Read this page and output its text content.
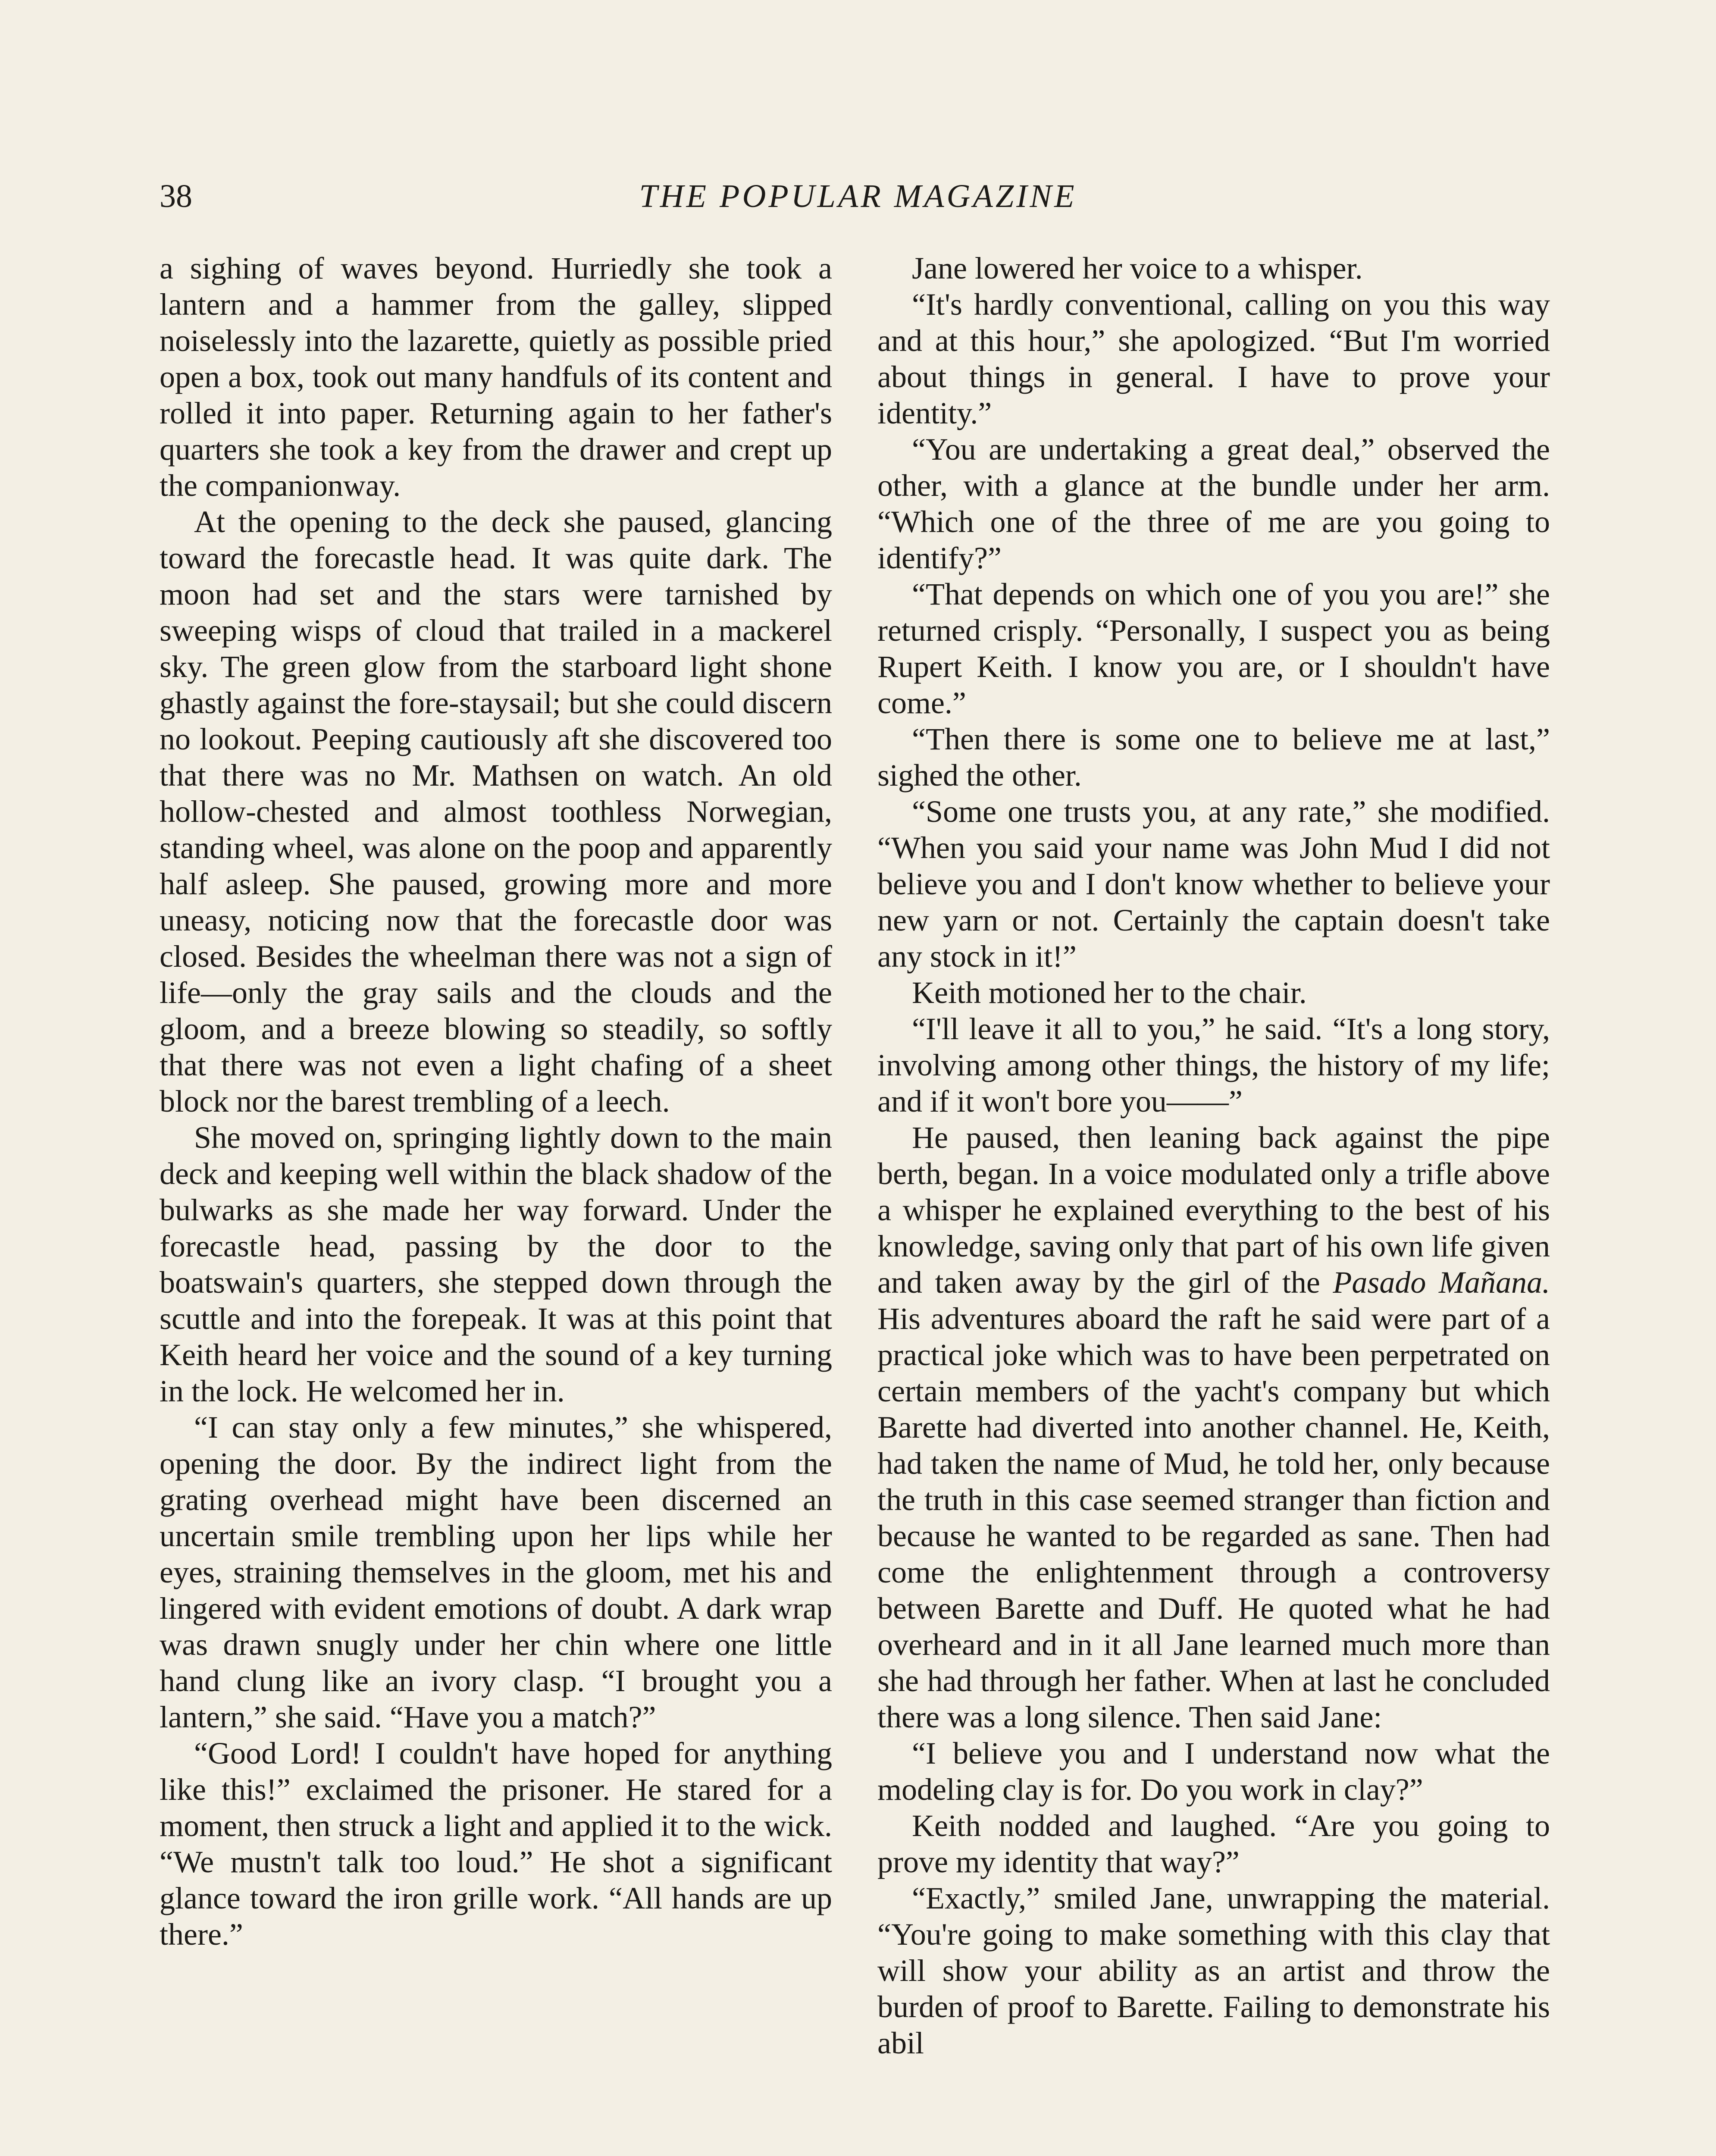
38	THE POPULAR MAGAZINE

a sighing of waves beyond. Hurriedly she took a lantern and a hammer from the galley, slipped noiselessly into the lazarette, quietly as possible pried open a box, took out many handfuls of its content and rolled it into paper. Returning again to her father's quarters she took a key from the drawer and crept up the companionway.

At the opening to the deck she paused, glancing toward the forecastle head. It was quite dark. The moon had set and the stars were tarnished by sweeping wisps of cloud that trailed in a mackerel sky. The green glow from the starboard light shone ghastly against the fore-staysail; but she could discern no lookout. Peeping cautiously aft she discovered too that there was no Mr. Mathsen on watch. An old hollow-chested and almost toothless Norwegian, standing wheel, was alone on the poop and apparently half asleep. She paused, growing more and more uneasy, noticing now that the forecastle door was closed. Besides the wheelman there was not a sign of life—only the gray sails and the clouds and the gloom, and a breeze blowing so steadily, so softly that there was not even a light chafing of a sheet block nor the barest trembling of a leech.

She moved on, springing lightly down to the main deck and keeping well within the black shadow of the bulwarks as she made her way forward. Under the forecastle head, passing by the door to the boatswain's quarters, she stepped down through the scuttle and into the forepeak. It was at this point that Keith heard her voice and the sound of a key turning in the lock. He welcomed her in.

“I can stay only a few minutes,” she whispered, opening the door. By the indirect light from the grating overhead might have been discerned an uncertain smile trembling upon her lips while her eyes, straining themselves in the gloom, met his and lingered with evident emotions of doubt. A dark wrap was drawn snugly under her chin where one little hand clung like an ivory clasp. “I brought you a lantern,” she said. “Have you a match?”

“Good Lord! I couldn't have hoped for anything like this!” exclaimed the prisoner. He stared for a moment, then struck a light and applied it to the wick. “We mustn't talk too loud.” He shot a significant glance toward the iron grille work. “All hands are up there.”

Jane lowered her voice to a whisper.

“It's hardly conventional, calling on you this way and at this hour,” she apologized. “But I'm worried about things in general. I have to prove your identity.”

“You are undertaking a great deal,” observed the other, with a glance at the bundle under her arm. “Which one of the three of me are you going to identify?”

“That depends on which one of you you are!” she returned crisply. “Personally, I suspect you as being Rupert Keith. I know you are, or I shouldn't have come.”

“Then there is some one to believe me at last,” sighed the other.

“Some one trusts you, at any rate,” she modified. “When you said your name was John Mud I did not believe you and I don't know whether to believe your new yarn or not. Certainly the captain doesn't take any stock in it!”

Keith motioned her to the chair.

“I'll leave it all to you,” he said. “It's a long story, involving among other things, the history of my life; and if it won't bore you——”

He paused, then leaning back against the pipe berth, began. In a voice modulated only a trifle above a whisper he explained everything to the best of his knowledge, saving only that part of his own life given and taken away by the girl of the Pasado Mañana. His adventures aboard the raft he said were part of a practical joke which was to have been perpetrated on certain members of the yacht's company but which Barette had diverted into another channel. He, Keith, had taken the name of Mud, he told her, only because the truth in this case seemed stranger than fiction and because he wanted to be regarded as sane. Then had come the enlightenment through a controversy between Barette and Duff. He quoted what he had overheard and in it all Jane learned much more than she had through her father. When at last he concluded there was a long silence. Then said Jane:

“I believe you and I understand now what the modeling clay is for. Do you work in clay?”

Keith nodded and laughed. “Are you going to prove my identity that way?”

“Exactly,” smiled Jane, unwrapping the material. “You're going to make something with this clay that will show your ability as an artist and throw the burden of proof to Barette. Failing to demonstrate his abil
